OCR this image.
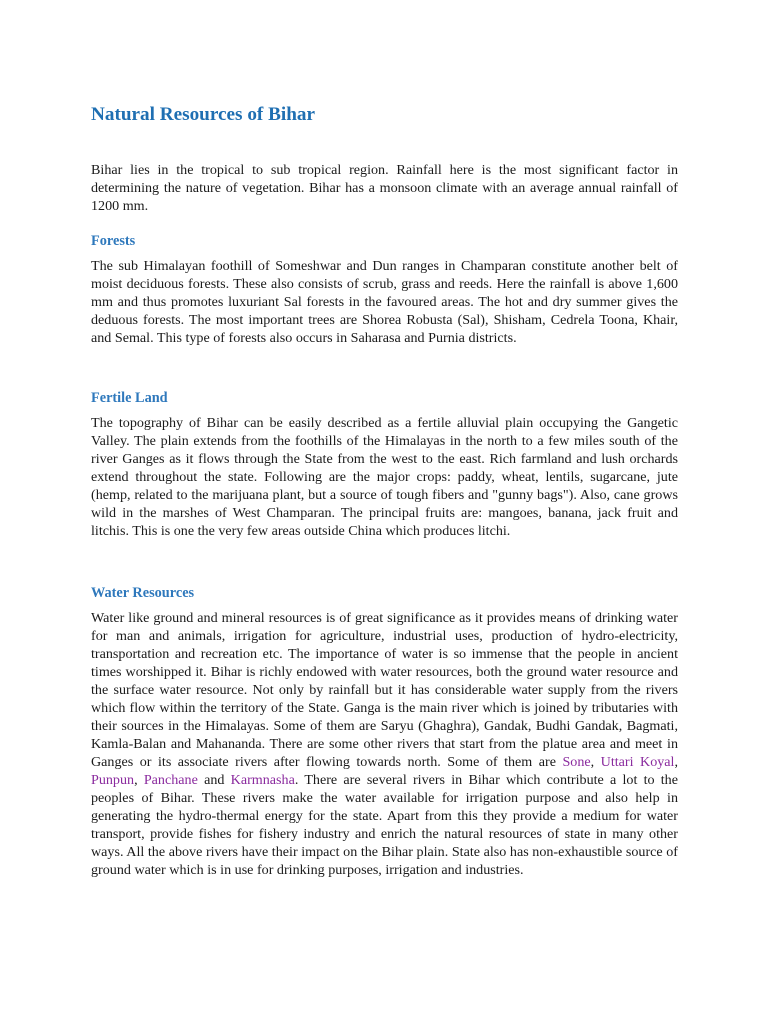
Natural Resources of Bihar

Bihar lies in the tropical to sub tropical region. Rainfall here is the most significant factor in determining the nature of vegetation. Bihar has a monsoon climate with an average annual rainfall of 1200 mm.

Forests

The sub Himalayan foothill of Someshwar and Dun ranges in Champaran constitute another belt of moist deciduous forests. These also consists of scrub, grass and reeds. Here the rainfall is above 1,600 mm and thus promotes luxuriant Sal forests in the favoured areas. The hot and dry summer gives the deduous forests. The most important trees are Shorea Robusta (Sal), Shisham, Cedrela Toona, Khair, and Semal. This type of forests also occurs in Saharasa and Purnia districts.

Fertile Land

The topography of Bihar can be easily described as a fertile alluvial plain occupying the Gangetic Valley. The plain extends from the foothills of the Himalayas in the north to a few miles south of the river Ganges as it flows through the State from the west to the east. Rich farmland and lush orchards extend throughout the state. Following are the major crops: paddy, wheat, lentils, sugarcane, jute (hemp, related to the marijuana plant, but a source of tough fibers and "gunny bags"). Also, cane grows wild in the marshes of West Champaran. The principal fruits are: mangoes, banana, jack fruit and litchis. This is one the very few areas outside China which produces litchi.

Water Resources

Water like ground and mineral resources is of great significance as it provides means of drinking water for man and animals, irrigation for agriculture, industrial uses, production of hydro-electricity, transportation and recreation etc. The importance of water is so immense that the people in ancient times worshipped it. Bihar is richly endowed with water resources, both the ground water resource and the surface water resource. Not only by rainfall but it has considerable water supply from the rivers which flow within the territory of the State. Ganga is the main river which is joined by tributaries with their sources in the Himalayas. Some of them are Saryu (Ghaghra), Gandak, Budhi Gandak, Bagmati, Kamla-Balan and Mahananda. There are some other rivers that start from the platue area and meet in Ganges or its associate rivers after flowing towards north. Some of them are Sone, Uttari Koyal, Punpun, Panchane and Karmnasha. There are several rivers in Bihar which contribute a lot to the peoples of Bihar. These rivers make the water available for irrigation purpose and also help in generating the hydro-thermal energy for the state. Apart from this they provide a medium for water transport, provide fishes for fishery industry and enrich the natural resources of state in many other ways. All the above rivers have their impact on the Bihar plain. State also has non-exhaustible source of ground water which is in use for drinking purposes, irrigation and industries.
